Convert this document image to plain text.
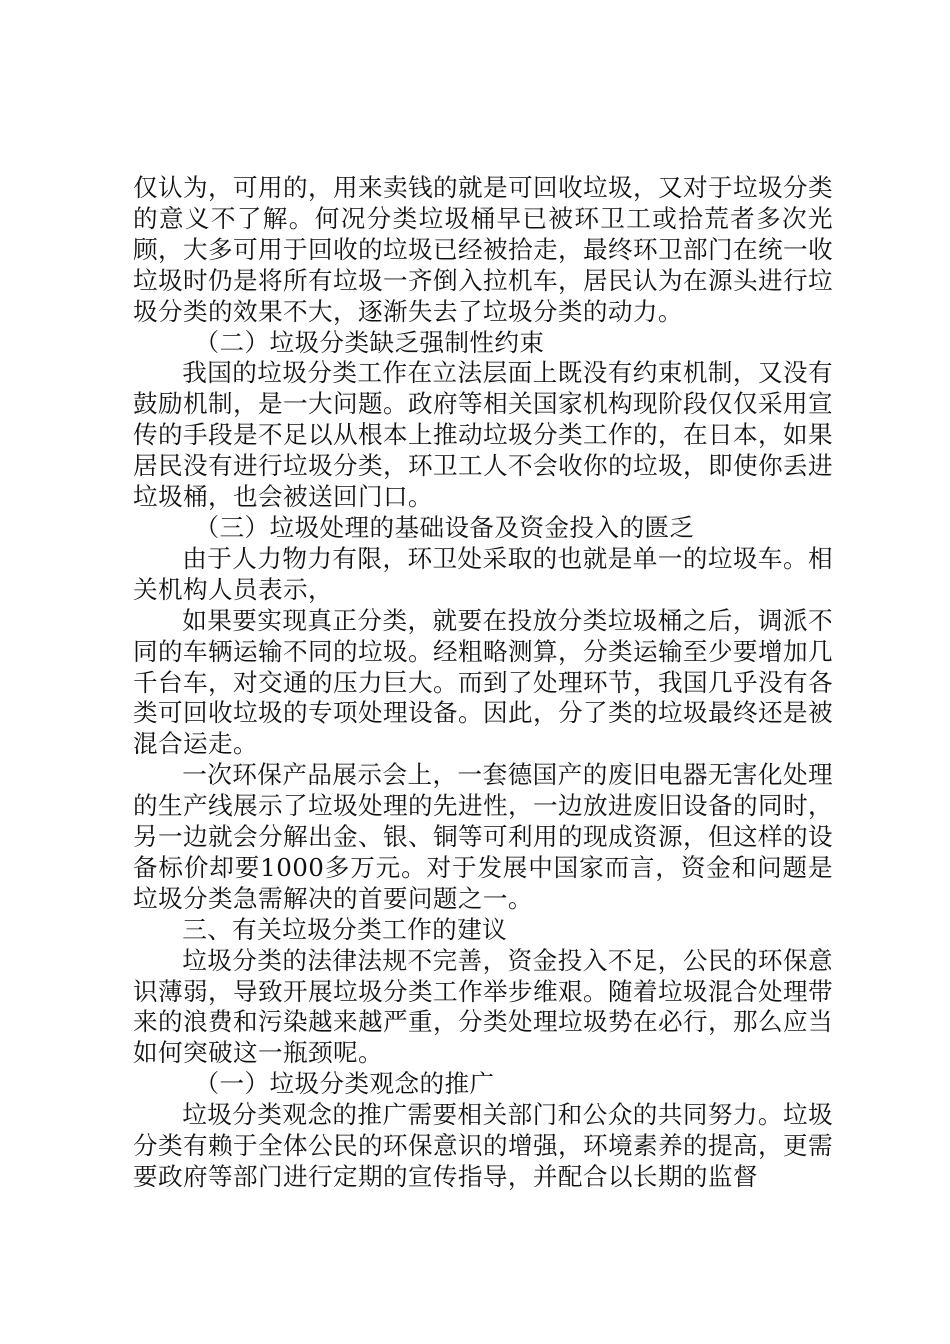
仅认为，可用的，用来卖钱的就是可回收垃圾，又对于垃圾分类的意义不了解。何况分类垃圾桶早已被环卫工或拾荒者多次光顾，大多可用于回收的垃圾已经被拾走，最终环卫部门在统一收垃圾时仍是将所有垃圾一齐倒入拉机车，居民认为在源头进行垃圾分类的效果不大，逐渐失去了垃圾分类的动力。

（二）垃圾分类缺乏强制性约束

我国的垃圾分类工作在立法层面上既没有约束机制，又没有鼓励机制，是一大问题。政府等相关国家机构现阶段仅仅采用宣传的手段是不足以从根本上推动垃圾分类工作的，在日本，如果居民没有进行垃圾分类，环卫工人不会收你的垃圾，即使你丢进垃圾桶，也会被送回门口。

（三）垃圾处理的基础设备及资金投入的匮乏

由于人力物力有限，环卫处采取的也就是单一的垃圾车。相关机构人员表示，

如果要实现真正分类，就要在投放分类垃圾桶之后，调派不同的车辆运输不同的垃圾。经粗略测算，分类运输至少要增加几千台车，对交通的压力巨大。而到了处理环节，我国几乎没有各类可回收垃圾的专项处理设备。因此，分了类的垃圾最终还是被混合运走。

一次环保产品展示会上，一套德国产的废旧电器无害化处理的生产线展示了垃圾处理的先进性，一边放进废旧设备的同时，另一边就会分解出金、银、铜等可利用的现成资源，但这样的设备标价却要1000多万元。对于发展中国家而言，资金和问题是垃圾分类急需解决的首要问题之一。

三、有关垃圾分类工作的建议

垃圾分类的法律法规不完善，资金投入不足，公民的环保意识薄弱，导致开展垃圾分类工作举步维艰。随着垃圾混合处理带来的浪费和污染越来越严重，分类处理垃圾势在必行，那么应当如何突破这一瓶颈呢。

（一）垃圾分类观念的推广

垃圾分类观念的推广需要相关部门和公众的共同努力。垃圾分类有赖于全体公民的环保意识的增强，环境素养的提高，更需要政府等部门进行定期的宣传指导，并配合以长期的监督
